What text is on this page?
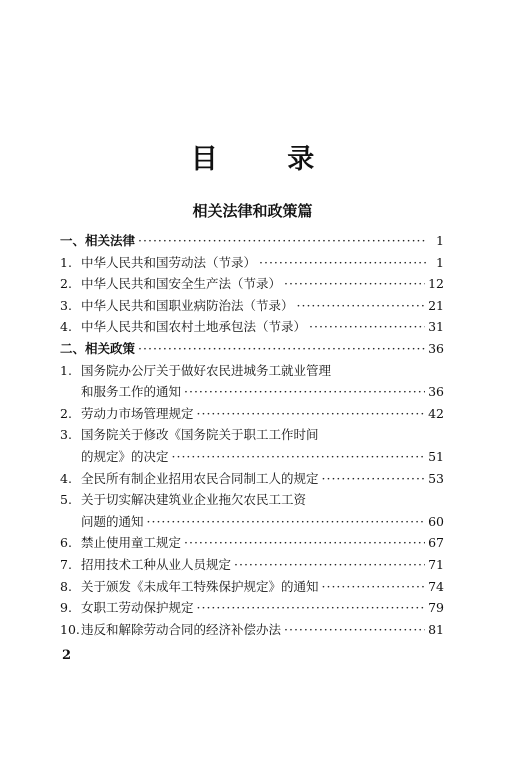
目 录
相关法律和政策篇
一、 相关法律 ·····	1
1. 中华人民共和国劳动法（节录） ·····	1
2. 中华人民共和国安全生产法（节录） ·····	12
3. 中华人民共和国职业病防治法（节录） ·····	21
4. 中华人民共和国农村土地承包法（节录） ·····	31
二、 相关政策 ·····	36
1. 国务院办公厅关于做好农民进城务工就业管理
和服务工作的通知 ·····	36
2. 劳动力市场管理规定 ·····	42
3. 国务院关于修改《国务院关于职工工作时间
的规定》的决定 ·····	51
4. 全民所有制企业招用农民合同制工人的规定 ·····	53
5. 关于切实解决建筑业企业拖欠农民工工资
问题的通知 ·····	60
6. 禁止使用童工规定 ·····	67
7. 招用技术工种从业人员规定 ·····	71
8. 关于颁发《未成年工特殊保护规定》的通知 ·····	74
9. 女职工劳动保护规定 ·····	79
10. 违反和解除劳动合同的经济补偿办法 ·····	81
2
